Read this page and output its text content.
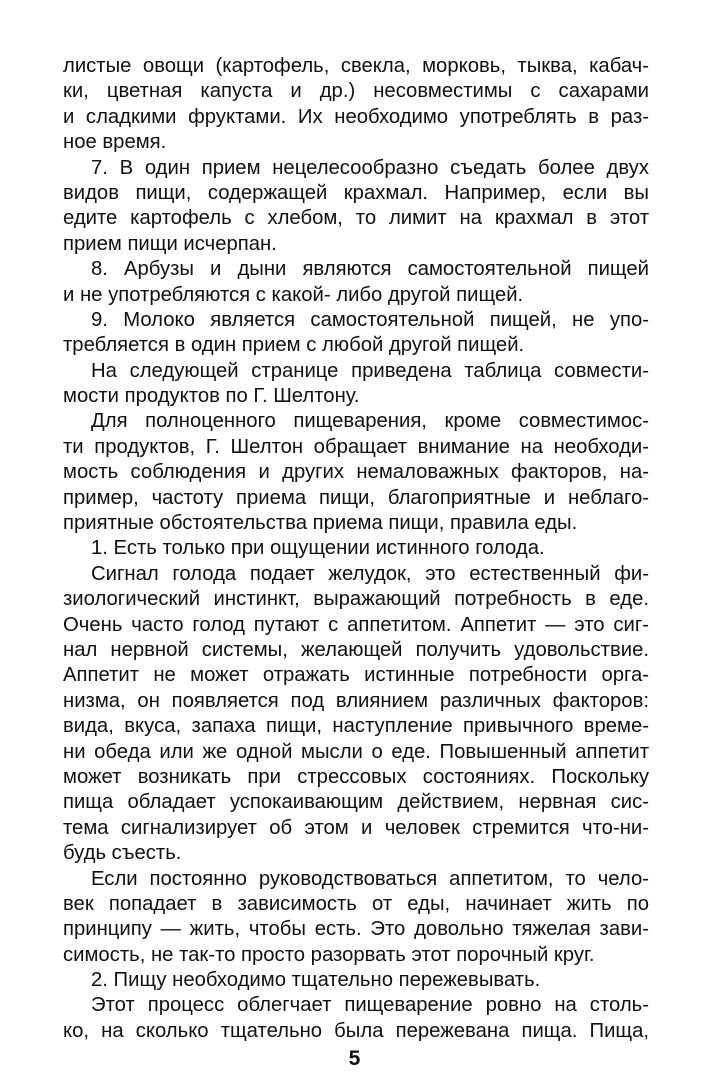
листые овощи (картофель, свекла, морковь, тыква, кабач-
ки, цветная капуста и др.) несовместимы с сахарами
и сладкими фруктами. Их необходимо употреблять в раз-
ное время.
7. В один прием нецелесообразно съедать более двух
видов пищи, содержащей крахмал. Например, если вы
едите картофель с хлебом, то лимит на крахмал в этот
прием пищи исчерпан.
8. Арбузы и дыни являются самостоятельной пищей
и не употребляются с какой- либо другой пищей.
9. Молоко является самостоятельной пищей, не упо-
требляется в один прием с любой другой пищей.
На следующей странице приведена таблица совмести-
мости продуктов по Г. Шелтону.
Для полноценного пищеварения, кроме совместимос-
ти продуктов, Г. Шелтон обращает внимание на необходи-
мость соблюдения и других немаловажных факторов, на-
пример, частоту приема пищи, благоприятные и неблаго-
приятные обстоятельства приема пищи, правила еды.
1. Есть только при ощущении истинного голода.
Сигнал голода подает желудок, это естественный фи-
зиологический инстинкт, выражающий потребность в еде.
Очень часто голод путают с аппетитом. Аппетит — это сиг-
нал нервной системы, желающей получить удовольствие.
Аппетит не может отражать истинные потребности орга-
низма, он появляется под влиянием различных факторов:
вида, вкуса, запаха пищи, наступление привычного време-
ни обеда или же одной мысли о еде. Повышенный аппетит
может возникать при стрессовых состояниях. Поскольку
пища обладает успокаивающим действием, нервная сис-
тема сигнализирует об этом и человек стремится что-ни-
будь съесть.
Если постоянно руководствоваться аппетитом, то чело-
век попадает в зависимость от еды, начинает жить по
принципу — жить, чтобы есть. Это довольно тяжелая зави-
симость, не так-то просто разорвать этот порочный круг.
2. Пищу необходимо тщательно пережевывать.
Этот процесс облегчает пищеварение ровно на столь-
ко, на сколько тщательно была пережевана пища. Пища,
5
